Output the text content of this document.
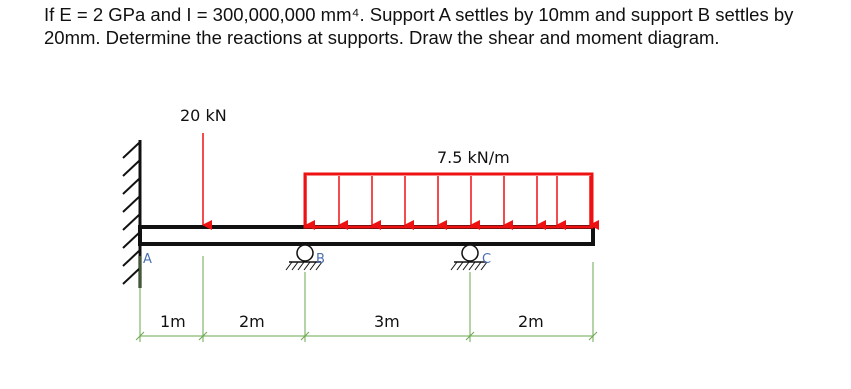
If E = 2 GPa and I = 300,000,000 mm⁴. Support A settles by 10mm and support B settles by 20mm. Determine the reactions at supports. Draw the shear and moment diagram.

20 kN
7.5 kN/m
A	B	C
1m	2m	3m	2m
